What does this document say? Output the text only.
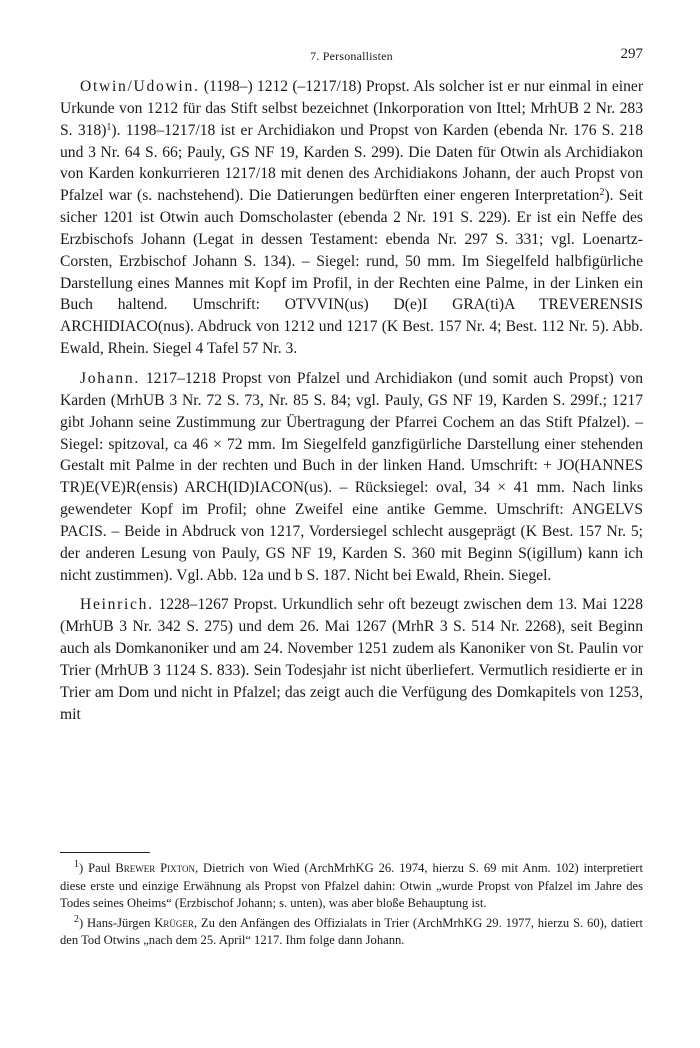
7. Personallisten	297

Otwin/Udowin. (1198–) 1212 (–1217/18) Propst. Als solcher ist er nur einmal in einer Urkunde von 1212 für das Stift selbst bezeichnet (Inkorporation von Ittel; MrhUB 2 Nr. 283 S. 318)$^1$). 1198–1217/18 ist er Archidiakon und Propst von Karden (ebenda Nr. 176 S. 218 und 3 Nr. 64 S. 66; Pauly, GS NF 19, Karden S. 299). Die Daten für Otwin als Archidiakon von Karden konkurrieren 1217/18 mit denen des Archidiakons Johann, der auch Propst von Pfalzel war (s. nachstehend). Die Datierungen bedürften einer engeren Interpretation$^2$). Seit sicher 1201 ist Otwin auch Domscholaster (ebenda 2 Nr. 191 S. 229). Er ist ein Neffe des Erzbischofs Johann (Legat in dessen Testament: ebenda Nr. 297 S. 331; vgl. Loenartz-Corsten, Erzbischof Johann S. 134). – Siegel: rund, 50 mm. Im Siegelfeld halbfigürliche Darstellung eines Mannes mit Kopf im Profil, in der Rechten eine Palme, in der Linken ein Buch haltend. Umschrift: OTVVIN(us) D(e)I GRA(ti)A TREVERENSIS ARCHIDIACO(nus). Abdruck von 1212 und 1217 (K Best. 157 Nr. 4; Best. 112 Nr. 5). Abb. Ewald, Rhein. Siegel 4 Tafel 57 Nr. 3.

Johann. 1217–1218 Propst von Pfalzel und Archidiakon (und somit auch Propst) von Karden (MrhUB 3 Nr. 72 S. 73, Nr. 85 S. 84; vgl. Pauly, GS NF 19, Karden S. 299f.; 1217 gibt Johann seine Zustimmung zur Übertragung der Pfarrei Cochem an das Stift Pfalzel). – Siegel: spitzoval, ca 46 × 72 mm. Im Siegelfeld ganzfigürliche Darstellung einer stehenden Gestalt mit Palme in der rechten und Buch in der linken Hand. Umschrift: + JO(HANNES TR)E(VE)R(ensis) ARCH(ID)IACON(us). – Rücksiegel: oval, 34 × 41 mm. Nach links gewendeter Kopf im Profil; ohne Zweifel eine antike Gemme. Umschrift: ANGELVS PACIS. – Beide in Abdruck von 1217, Vordersiegel schlecht ausgeprägt (K Best. 157 Nr. 5; der anderen Lesung von Pauly, GS NF 19, Karden S. 360 mit Beginn S(igillum) kann ich nicht zustimmen). Vgl. Abb. 12a und b S. 187. Nicht bei Ewald, Rhein. Siegel.

Heinrich. 1228–1267 Propst. Urkundlich sehr oft bezeugt zwischen dem 13. Mai 1228 (MrhUB 3 Nr. 342 S. 275) und dem 26. Mai 1267 (MrhR 3 S. 514 Nr. 2268), seit Beginn auch als Domkanoniker und am 24. November 1251 zudem als Kanoniker von St. Paulin vor Trier (MrhUB 3 1124 S. 833). Sein Todesjahr ist nicht überliefert. Vermutlich residierte er in Trier am Dom und nicht in Pfalzel; das zeigt auch die Verfügung des Domkapitels von 1253, mit

$^1$) Paul Brewer Pixton, Dietrich von Wied (ArchMrhKG 26. 1974, hierzu S. 69 mit Anm. 102) interpretiert diese erste und einzige Erwähnung als Propst von Pfalzel dahin: Otwin „wurde Propst von Pfalzel im Jahre des Todes seines Oheims“ (Erzbischof Johann; s. unten), was aber bloße Behauptung ist.

$^2$) Hans-Jürgen Krüger, Zu den Anfängen des Offizialats in Trier (ArchMrhKG 29. 1977, hierzu S. 60), datiert den Tod Otwins „nach dem 25. April“ 1217. Ihm folge dann Johann.
